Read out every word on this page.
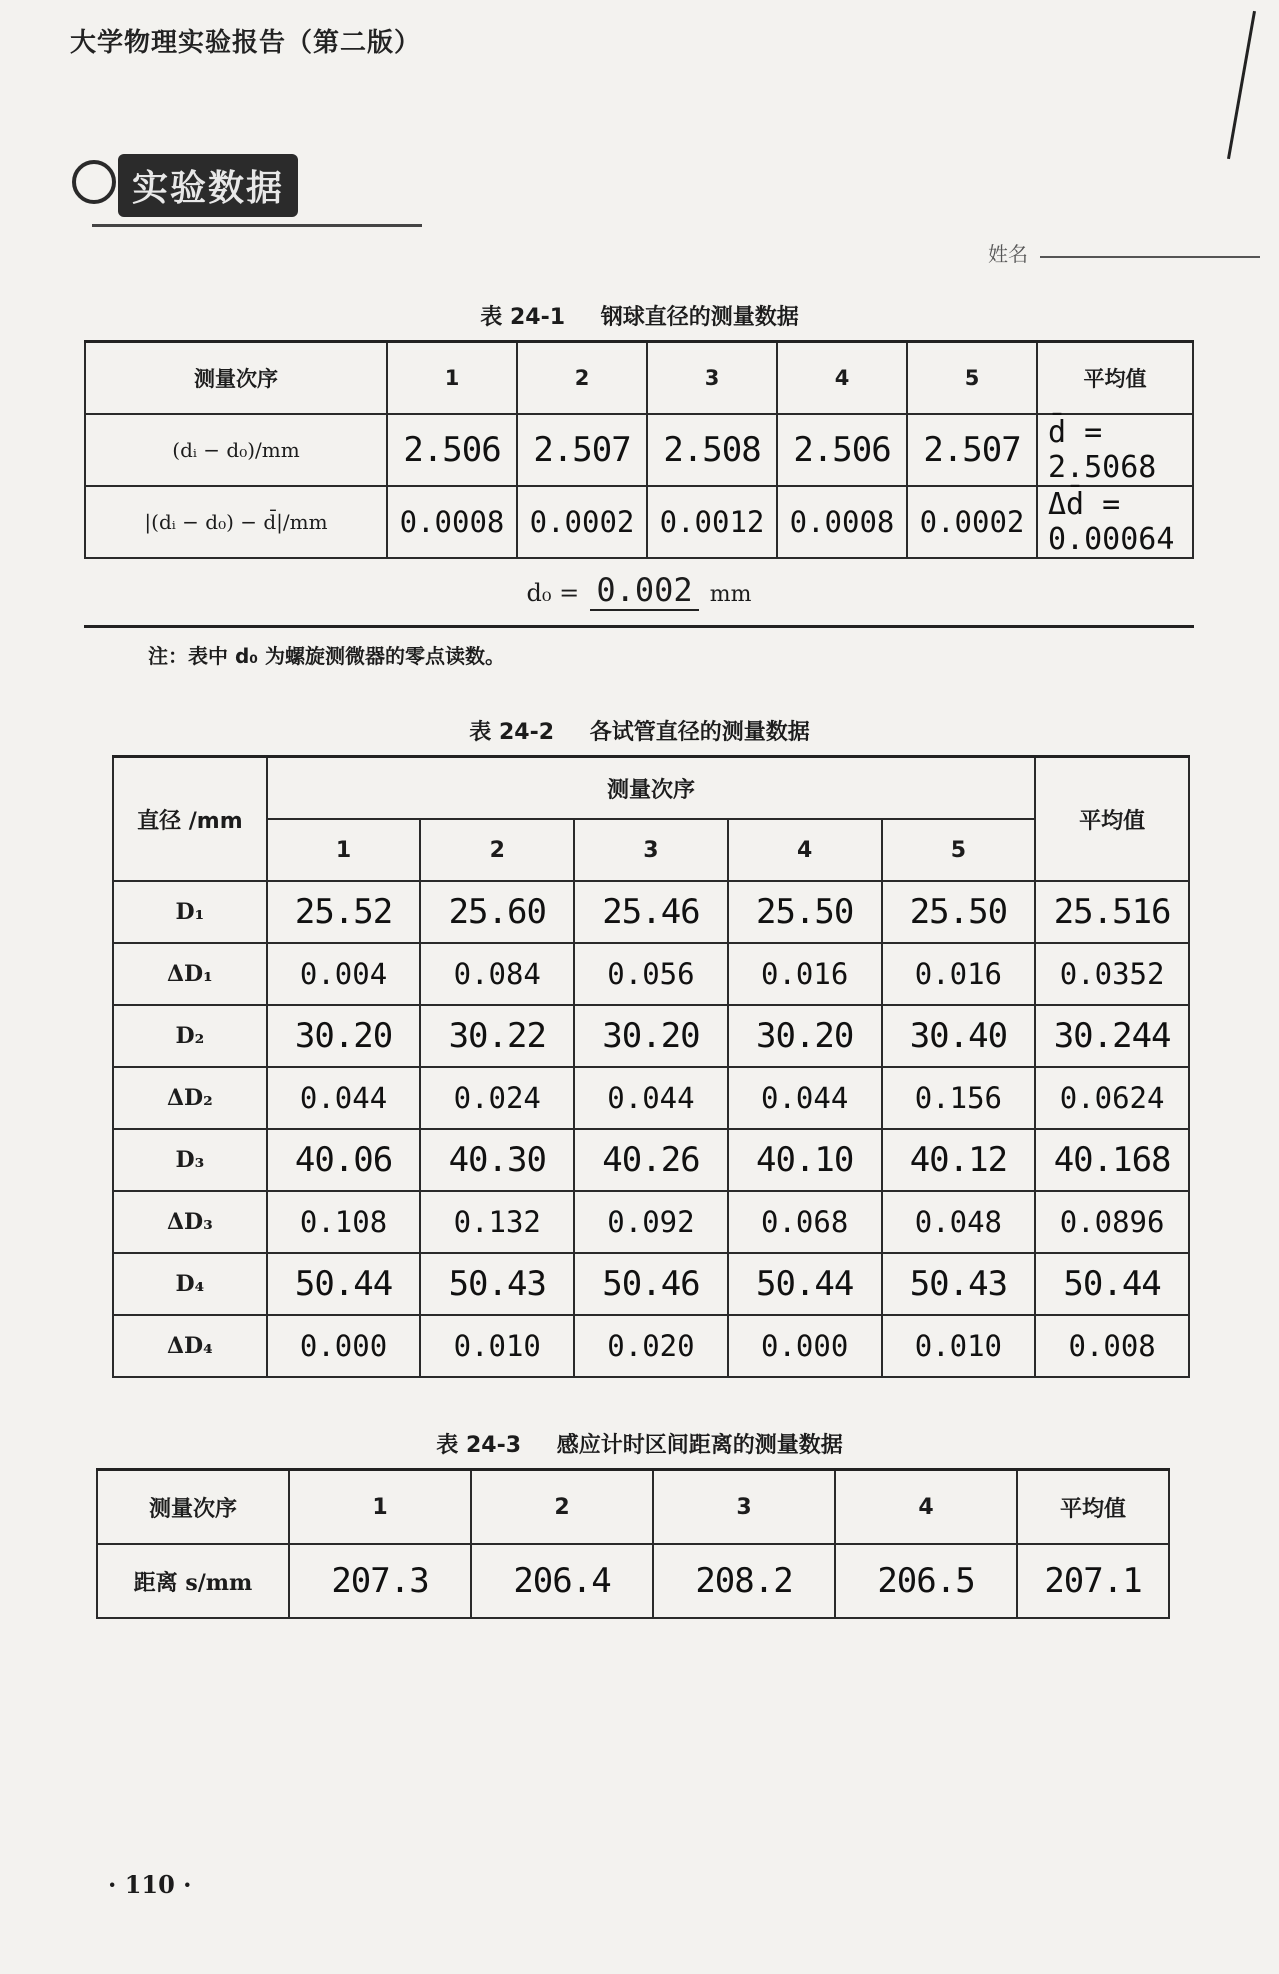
大学物理实验报告（第二版）
实验数据
姓名
表 24-1 钢球直径的测量数据
测量次序	1	2	3	4	5	平均值
(dᵢ − d₀)/mm	2.506	2.507	2.508	2.506	2.507	d̄ = 2.5068
|(dᵢ − d₀) − d̄|/mm	0.0008	0.0002	0.0012	0.0008	0.0002	Δd̄ = 0.00064
d₀ = 0.002 mm
注：表中 d₀ 为螺旋测微器的零点读数。
表 24-2 各试管直径的测量数据
直径 /mm	测量次序					平均值
	1	2	3	4	5	
D₁	25.52	25.60	25.46	25.50	25.50	25.516
ΔD₁	0.004	0.084	0.056	0.016	0.016	0.0352
D₂	30.20	30.22	30.20	30.20	30.40	30.244
ΔD₂	0.044	0.024	0.044	0.044	0.156	0.0624
D₃	40.06	40.30	40.26	40.10	40.12	40.168
ΔD₃	0.108	0.132	0.092	0.068	0.048	0.0896
D₄	50.44	50.43	50.46	50.44	50.43	50.44
ΔD₄	0.000	0.010	0.020	0.000	0.010	0.008
表 24-3 感应计时区间距离的测量数据
测量次序	1	2	3	4	平均值
距离 s/mm	207.3	206.4	208.2	206.5	207.1
· 110 ·
